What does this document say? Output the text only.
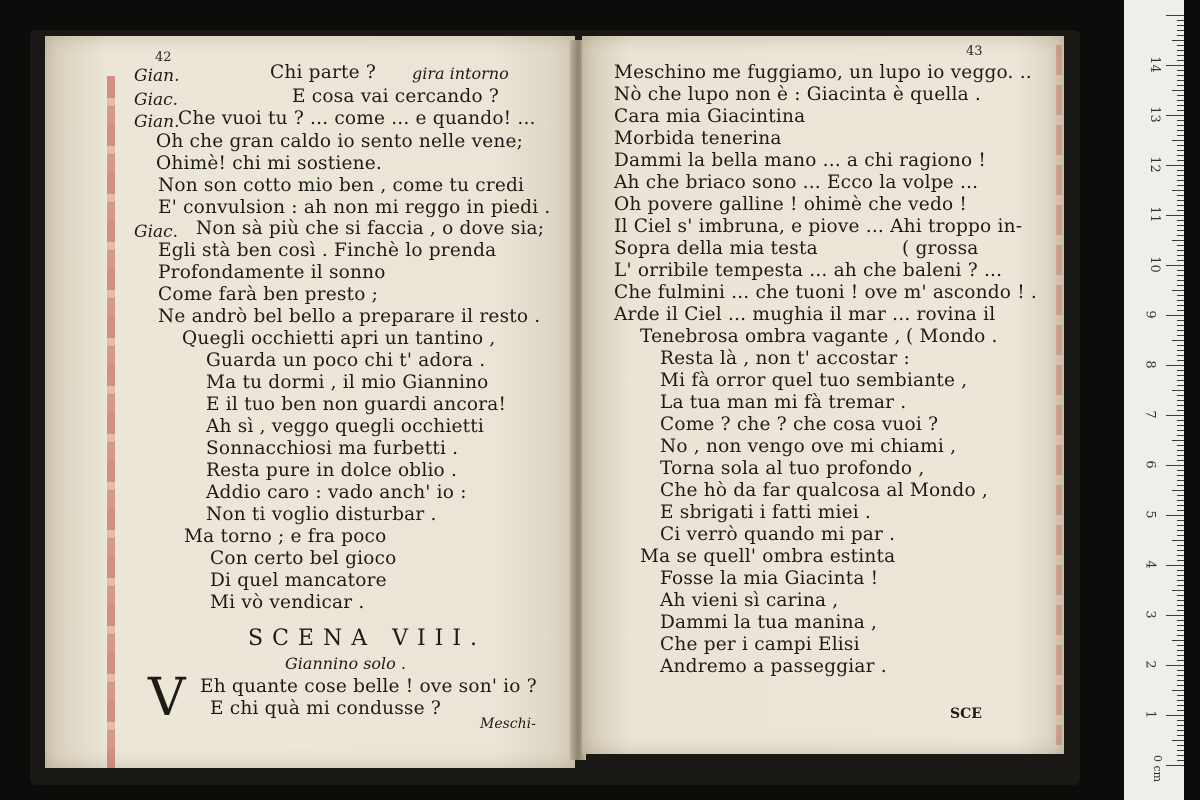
42
Gian.	Chi parte ? gira intorno
Giac.	E cosa vai cercando ?
Gian.
Che vuoi tu ? ... come ... e quando! ...
Oh che gran caldo io sento nelle vene;
Ohimè! chi mi sostiene.
Non son cotto mio ben , come tu credi
E' convulsion : ah non mi reggo in piedi .
Giac. Non sà più che si faccia , o dove sia;
Egli stà ben così . Finchè lo prenda
Profondamente il sonno
Come farà ben presto ;
Ne andrò bel bello a preparare il resto .
Quegli occhietti apri un tantino ,
Guarda un poco chi t' adora .
Ma tu dormi , il mio Giannino
E il tuo ben non guardi ancora!
Ah sì , veggo quegli occhietti
Sonnacchiosi ma furbetti .
Resta pure in dolce oblio .
Addio caro : vado anch' io :
Non ti voglio disturbar .
Ma torno ; e fra poco
Con certo bel gioco
Di quel mancatore
Mi vò vendicar .
SCENA VIII.
Giannino solo .
V Eh quante cose belle ! ove son' io ?
E chi quà mi condusse ?
Meschi-
43
Meschino me fuggiamo, un lupo io veggo. ..
Nò che lupo non è : Giacinta è quella .
Cara mia Giacintina
Morbida tenerina
Dammi la bella mano ... a chi ragiono !
Ah che briaco sono ... Ecco la volpe ...
Oh povere galline ! ohimè che vedo !
Il Ciel s' imbruna, e piove ... Ahi troppo in-
Sopra della mia testa	( grossa
L' orribile tempesta ... ah che baleni ? ...
Che fulmini ... che tuoni ! ove m' ascondo ! .
Arde il Ciel ... mughia il mar ... rovina il
Tenebrosa ombra vagante , ( Mondo .
Resta là , non t' accostar :
Mi fà orror quel tuo sembiante ,
La tua man mi fà tremar .
Come ? che ? che cosa vuoi ?
No , non vengo ove mi chiami ,
Torna sola al tuo profondo ,
Che hò da far qualcosa al Mondo ,
E sbrigati i fatti miei .
Ci verrò quando mi par .
Ma se quell' ombra estinta
Fosse la mia Giacinta !
Ah vieni sì carina ,
Dammi la tua manina ,
Che per i campi Elisi
Andremo a passeggiar .
SCE
0 cm
1
2
3
4
5
6
7
8
9
10
11
12
13
14
